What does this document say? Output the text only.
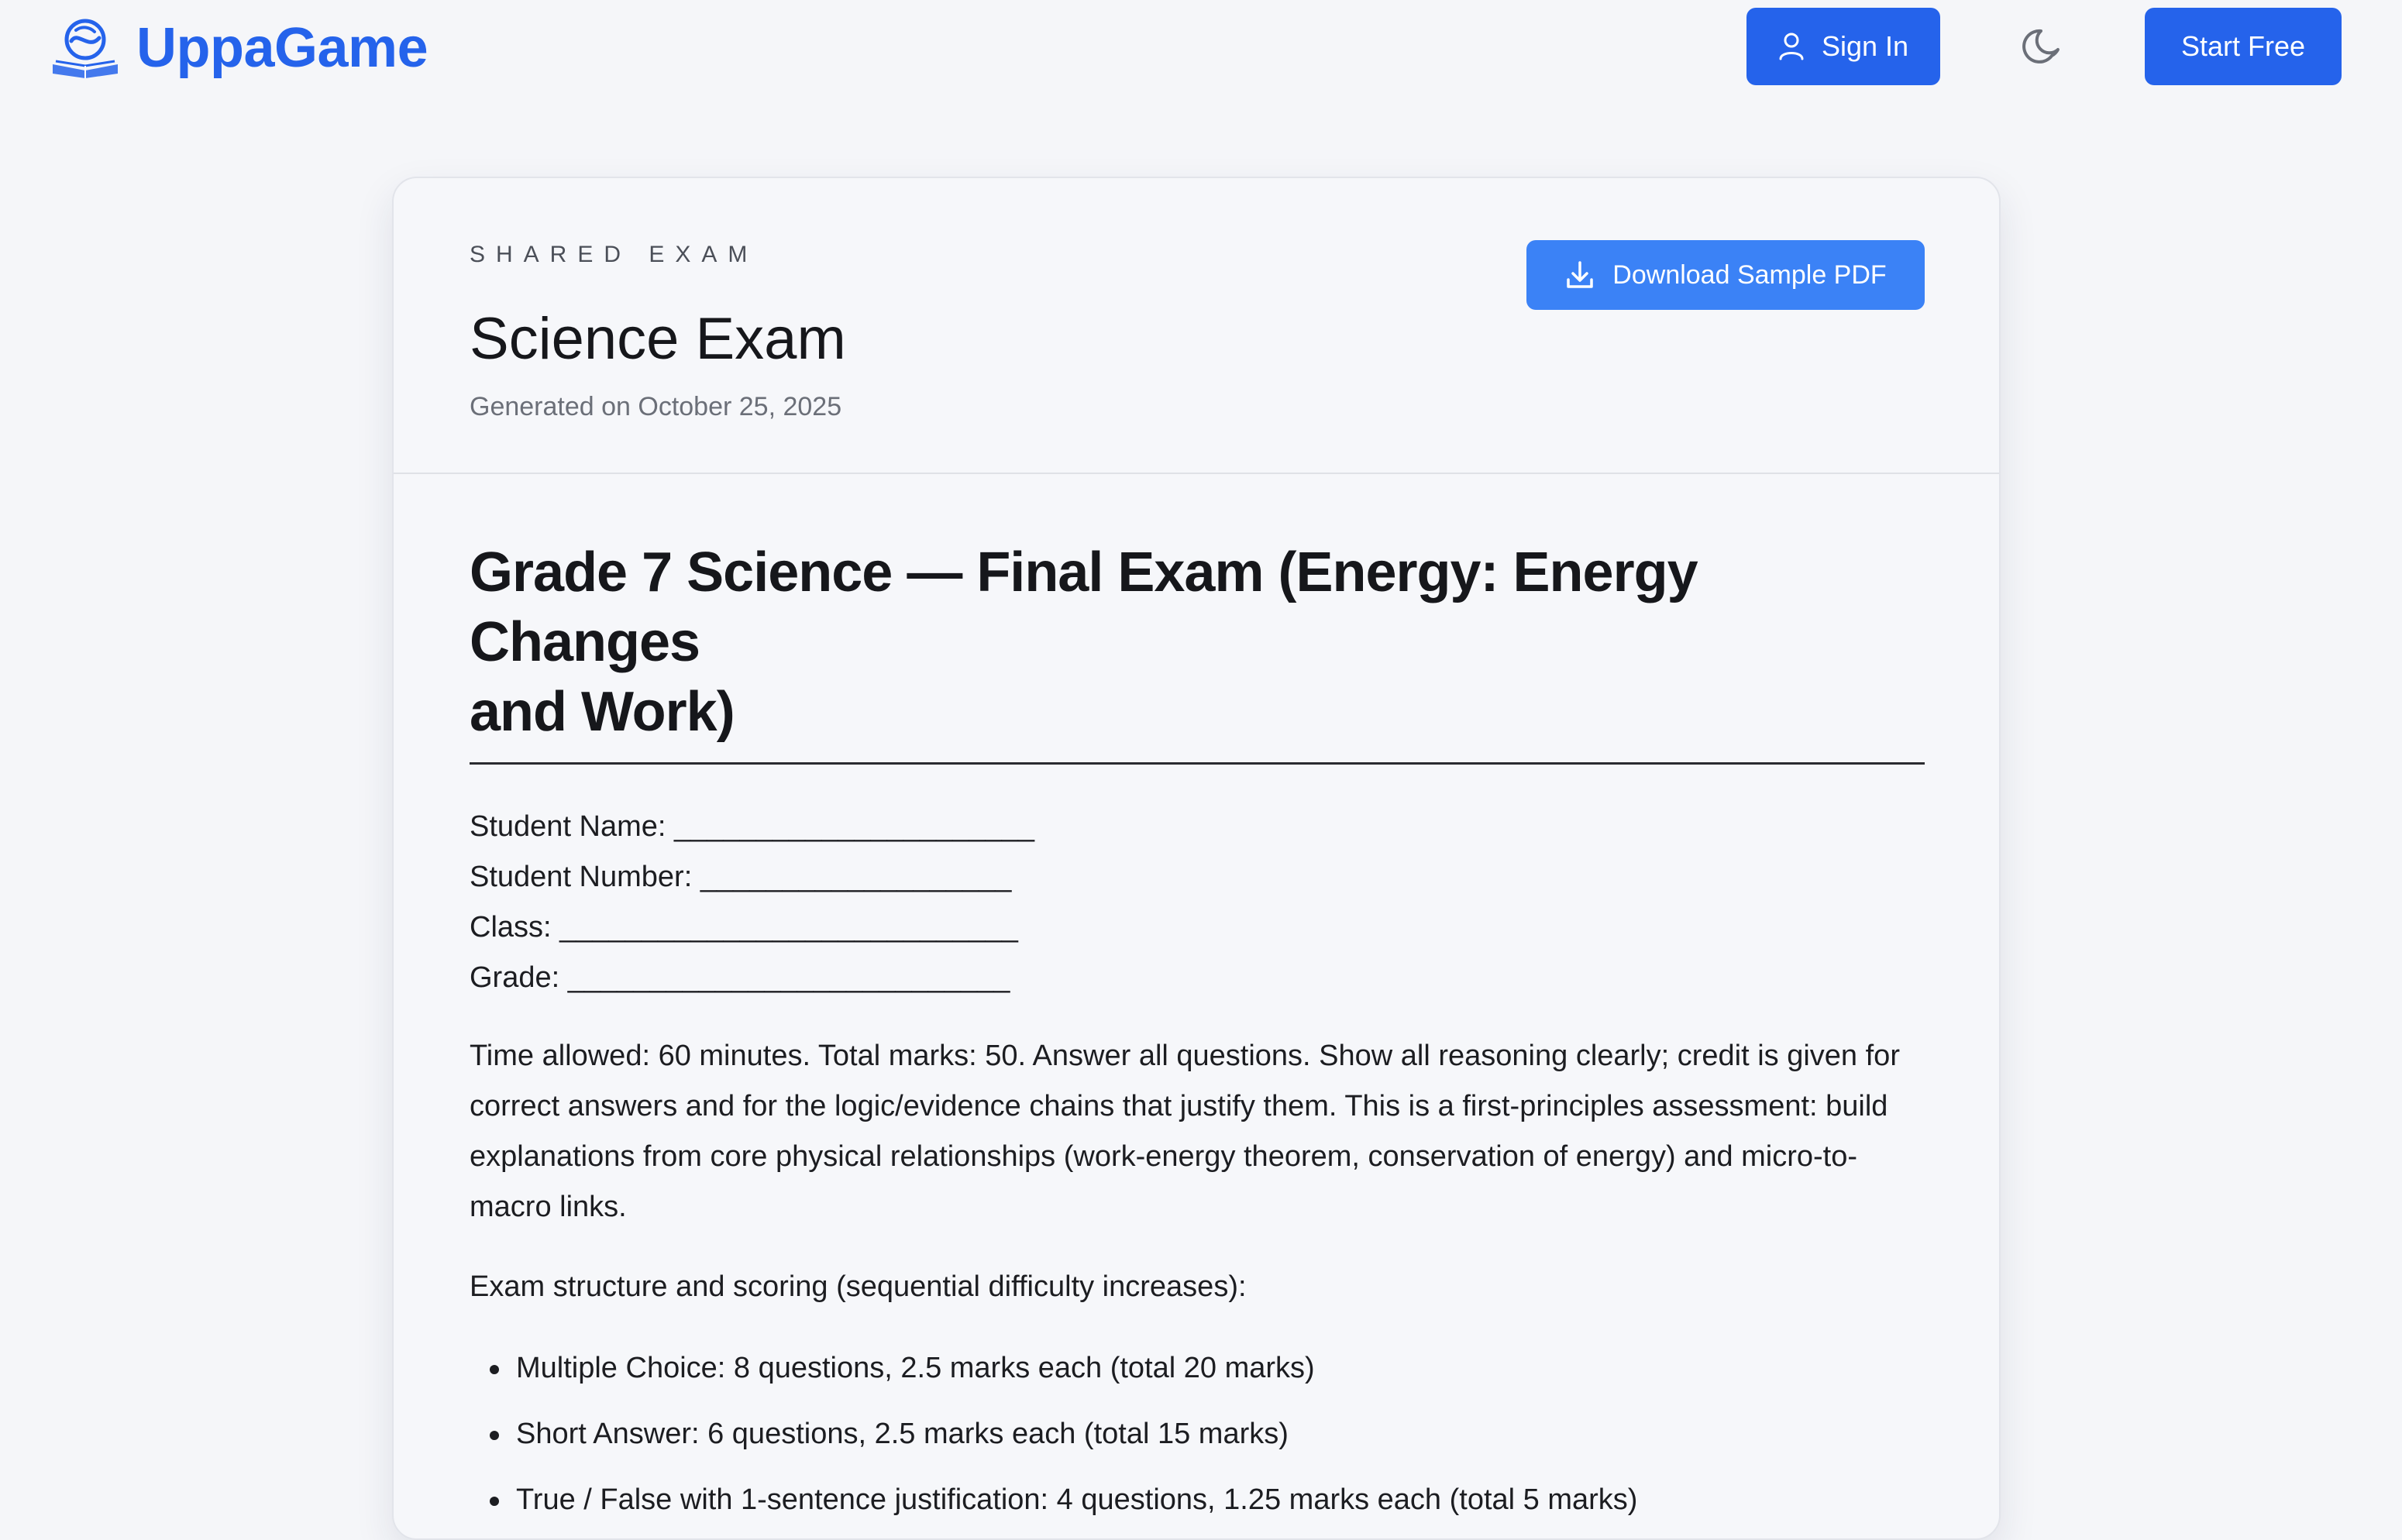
UppaGame	Sign In	Start Free
SHARED EXAM
Science Exam
Generated on October 25, 2025
Download Sample PDF
Grade 7 Science — Final Exam (Energy: Energy Changes
and Work)
Student Name: ______________________
Student Number: ___________________
Class: ____________________________
Grade: ___________________________

Time allowed: 60 minutes. Total marks: 50. Answer all questions. Show all reasoning clearly; credit is given for correct answers and for the logic/evidence chains that justify them. This is a first-principles assessment: build explanations from core physical relationships (work-energy theorem, conservation of energy) and micro-to-macro links.

Exam structure and scoring (sequential difficulty increases):

Multiple Choice: 8 questions, 2.5 marks each (total 20 marks)
Short Answer: 6 questions, 2.5 marks each (total 15 marks)
True / False with 1-sentence justification: 4 questions, 1.25 marks each (total 5 marks)
